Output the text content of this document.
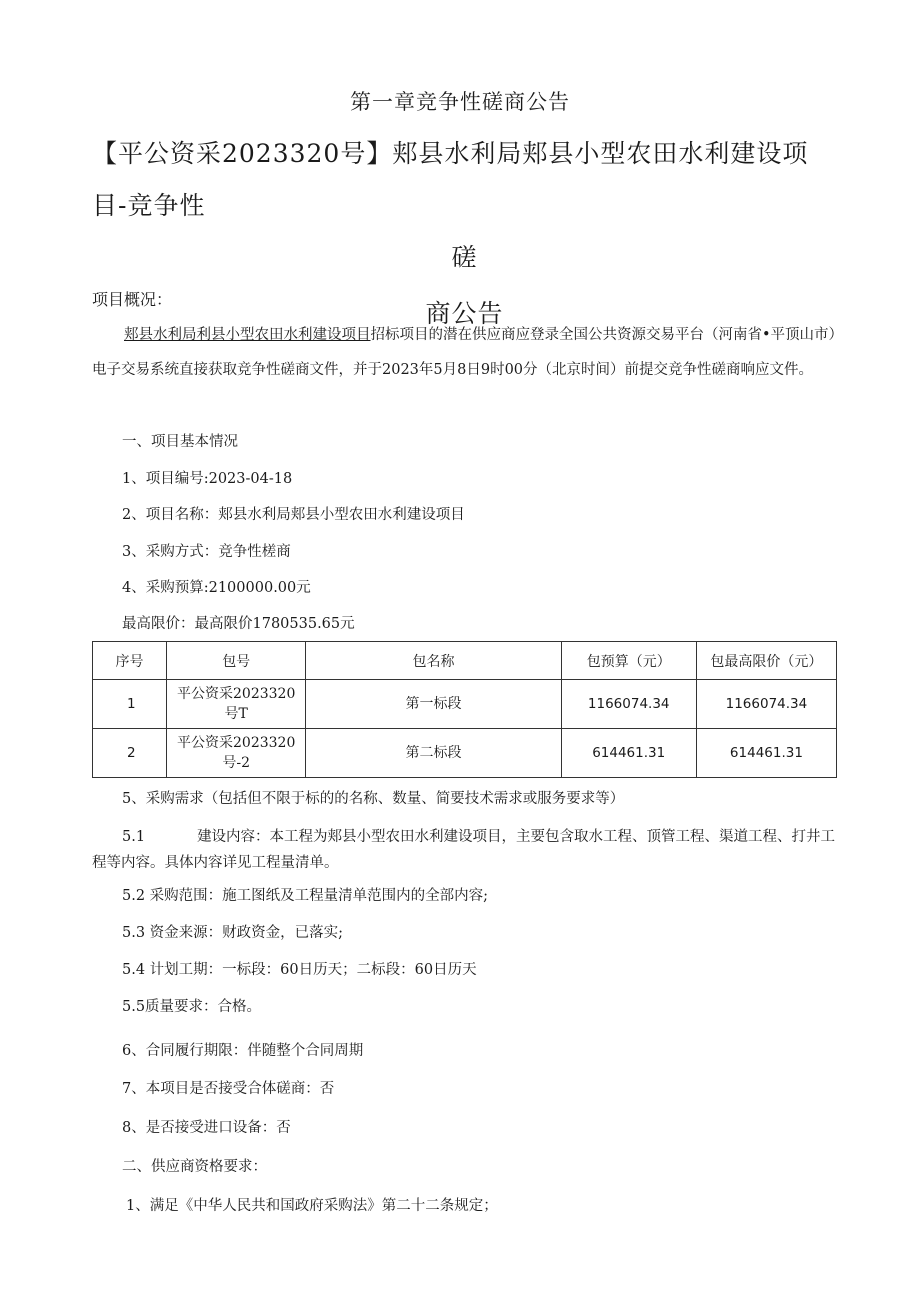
第一章竞争性磋商公告
【平公资采2023320号】郏县水利局郏县小型农田水利建设项目-竞争性
磋
商公告
项目概况：
郏县水利局利县小型农田水利建设项目招标项目的潜在供应商应登录全国公共资源交易平台（河南省•平顶山市）电子交易系统直接获取竞争性磋商文件，并于2023年5月8日9时00分（北京时间）前提交竞争性磋商响应文件。
一、项目基本情况
1、项目编号:2023-04-18
2、项目名称：郏县水利局郏县小型农田水利建设项目
3、采购方式：竞争性槎商
4、采购预算:2100000.00元
最高限价：最高限价1780535.65元
序号	包号	包名称	包预算（元）	包最高限价（元）
1	平公资采2023320号T	第一标段	1166074.34	1166074.34
2	平公资采2023320号-2	第二标段	614461.31	614461.31
5、采购需求（包括但不限于标的的名称、数量、简要技术需求或服务要求等）
5.1	建设内容：本工程为郏县小型农田水利建设项目，主要包含取水工程、顶管工程、渠道工程、打井工程等内容。具体内容详见工程量清单。
5.2 采购范围：施工图纸及工程量清单范围内的全部内容;
5.3 资金来源：财政资金，已落实;
5.4 计划工期：一标段：60日历天；二标段：60日历天
5.5质量要求：合格。
6、合同履行期限：伴随整个合同周期
7、本项目是否接受合体磋商：否
8、是否接受进口设备：否
二、供应商资格要求：
1、满足《中华人民共和国政府采购法》第二十二条规定；
